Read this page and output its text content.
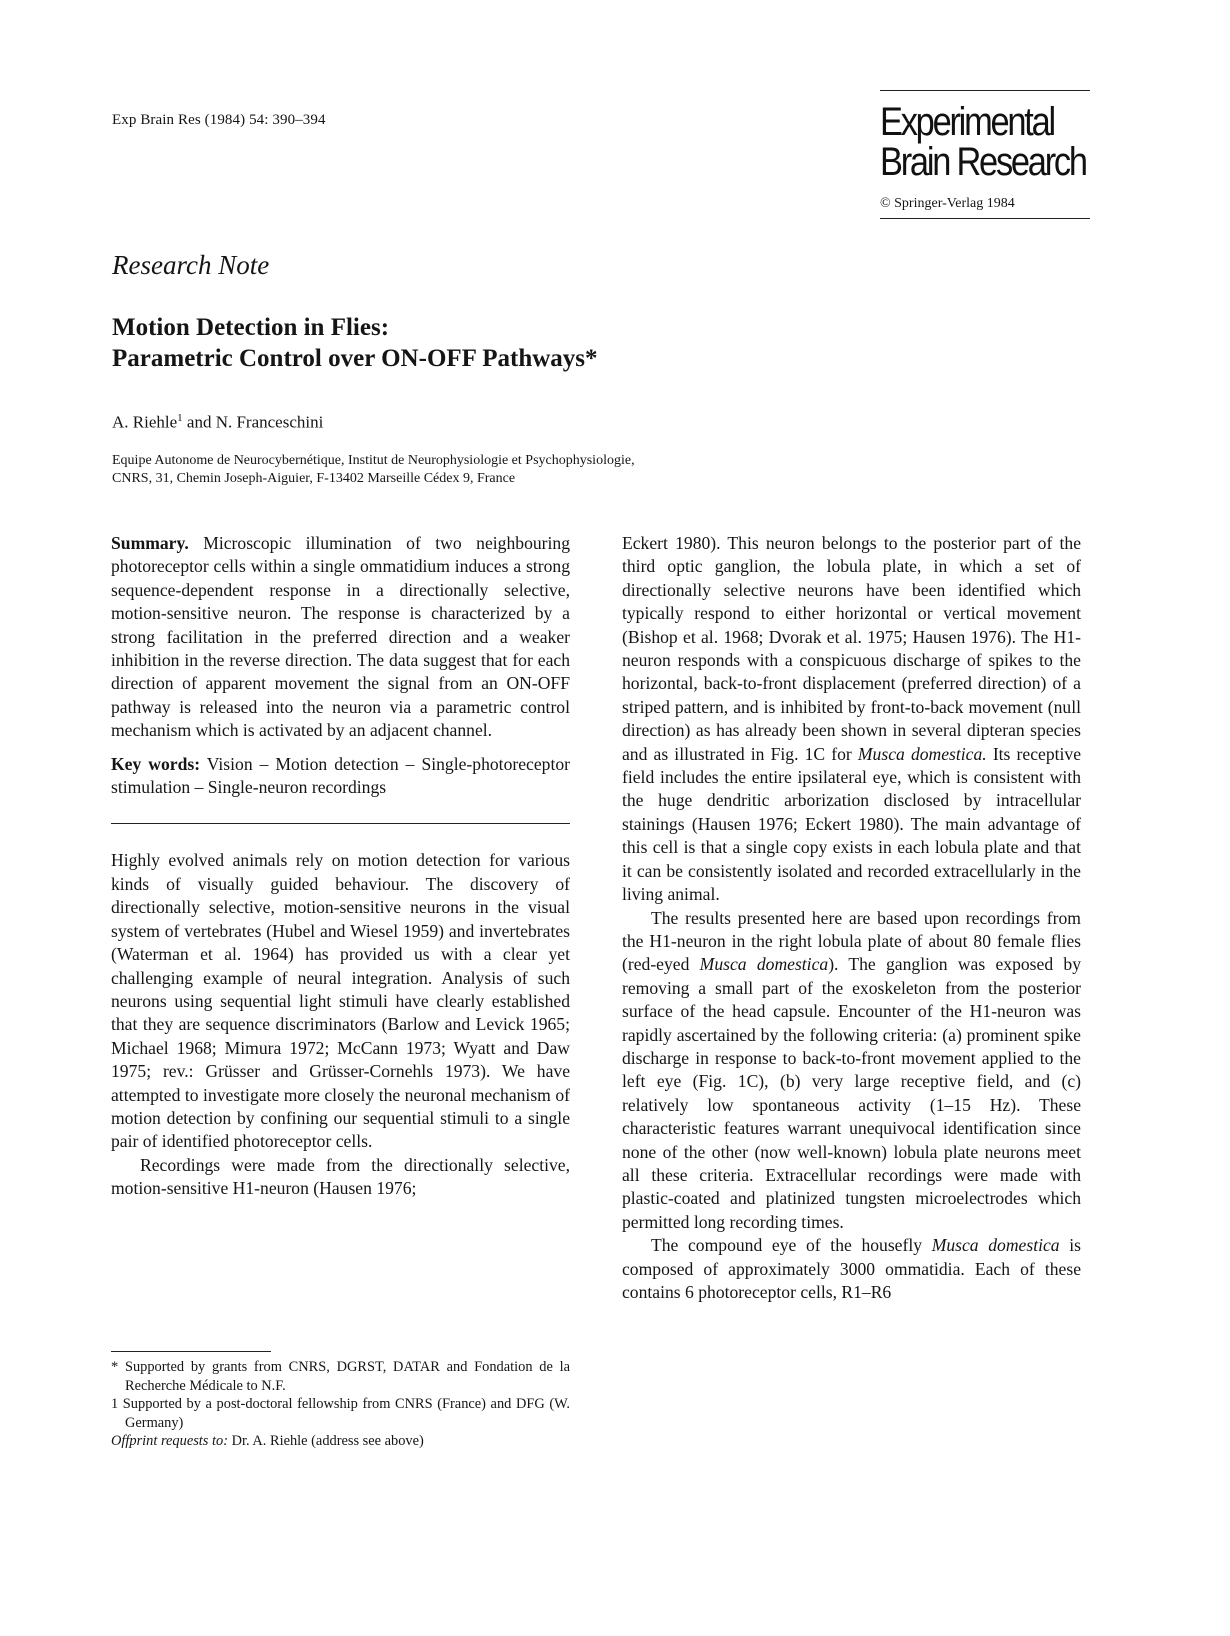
Exp Brain Res (1984) 54: 390–394	Experimental
Brain Research
© Springer-Verlag 1984
Research Note
Motion Detection in Flies:
Parametric Control over ON-OFF Pathways*
A. Riehle$^1$ and N. Franceschini
Equipe Autonome de Neurocybernétique, Institut de Neurophysiologie et Psychophysiologie,
CNRS, 31, Chemin Joseph-Aiguier, F-13402 Marseille Cédex 9, France

Summary. Microscopic illumination of two neighbouring photoreceptor cells within a single ommatidium induces a strong sequence-dependent response in a directionally selective, motion-sensitive neuron. The response is characterized by a strong facilitation in the preferred direction and a weaker inhibition in the reverse direction. The data suggest that for each direction of apparent movement the signal from an ON-OFF pathway is released into the neuron via a parametric control mechanism which is activated by an adjacent channel.

Key words: Vision – Motion detection – Single-photoreceptor stimulation – Single-neuron recordings

Highly evolved animals rely on motion detection for various kinds of visually guided behaviour. The discovery of directionally selective, motion-sensitive neurons in the visual system of vertebrates (Hubel and Wiesel 1959) and invertebrates (Waterman et al. 1964) has provided us with a clear yet challenging example of neural integration. Analysis of such neurons using sequential light stimuli have clearly established that they are sequence discriminators (Barlow and Levick 1965; Michael 1968; Mimura 1972; McCann 1973; Wyatt and Daw 1975; rev.: Grüsser and Grüsser-Cornehls 1973). We have attempted to investigate more closely the neuronal mechanism of motion detection by confining our sequential stimuli to a single pair of identified photoreceptor cells.

Recordings were made from the directionally selective, motion-sensitive H1-neuron (Hausen 1976;

* Supported by grants from CNRS, DGRST, DATAR and Fondation de la Recherche Médicale to N.F.

1 Supported by a post-doctoral fellowship from CNRS (France) and DFG (W. Germany)

Offprint requests to: Dr. A. Riehle (address see above)

Eckert 1980). This neuron belongs to the posterior part of the third optic ganglion, the lobula plate, in which a set of directionally selective neurons have been identified which typically respond to either horizontal or vertical movement (Bishop et al. 1968; Dvorak et al. 1975; Hausen 1976). The H1-neuron responds with a conspicuous discharge of spikes to the horizontal, back-to-front displacement (preferred direction) of a striped pattern, and is inhibited by front-to-back movement (null direction) as has already been shown in several dipteran species and as illustrated in Fig. 1C for Musca domestica. Its receptive field includes the entire ipsilateral eye, which is consistent with the huge dendritic arborization disclosed by intracellular stainings (Hausen 1976; Eckert 1980). The main advantage of this cell is that a single copy exists in each lobula plate and that it can be consistently isolated and recorded extracellularly in the living animal.

The results presented here are based upon recordings from the H1-neuron in the right lobula plate of about 80 female flies (red-eyed Musca domestica). The ganglion was exposed by removing a small part of the exoskeleton from the posterior surface of the head capsule. Encounter of the H1-neuron was rapidly ascertained by the following criteria: (a) prominent spike discharge in response to back-to-front movement applied to the left eye (Fig. 1C), (b) very large receptive field, and (c) relatively low spontaneous activity (1–15 Hz). These characteristic features warrant unequivocal identification since none of the other (now well-known) lobula plate neurons meet all these criteria. Extracellular recordings were made with plastic-coated and platinized tungsten microelectrodes which permitted long recording times.

The compound eye of the housefly Musca domestica is composed of approximately 3000 ommatidia. Each of these contains 6 photoreceptor cells, R1–R6
